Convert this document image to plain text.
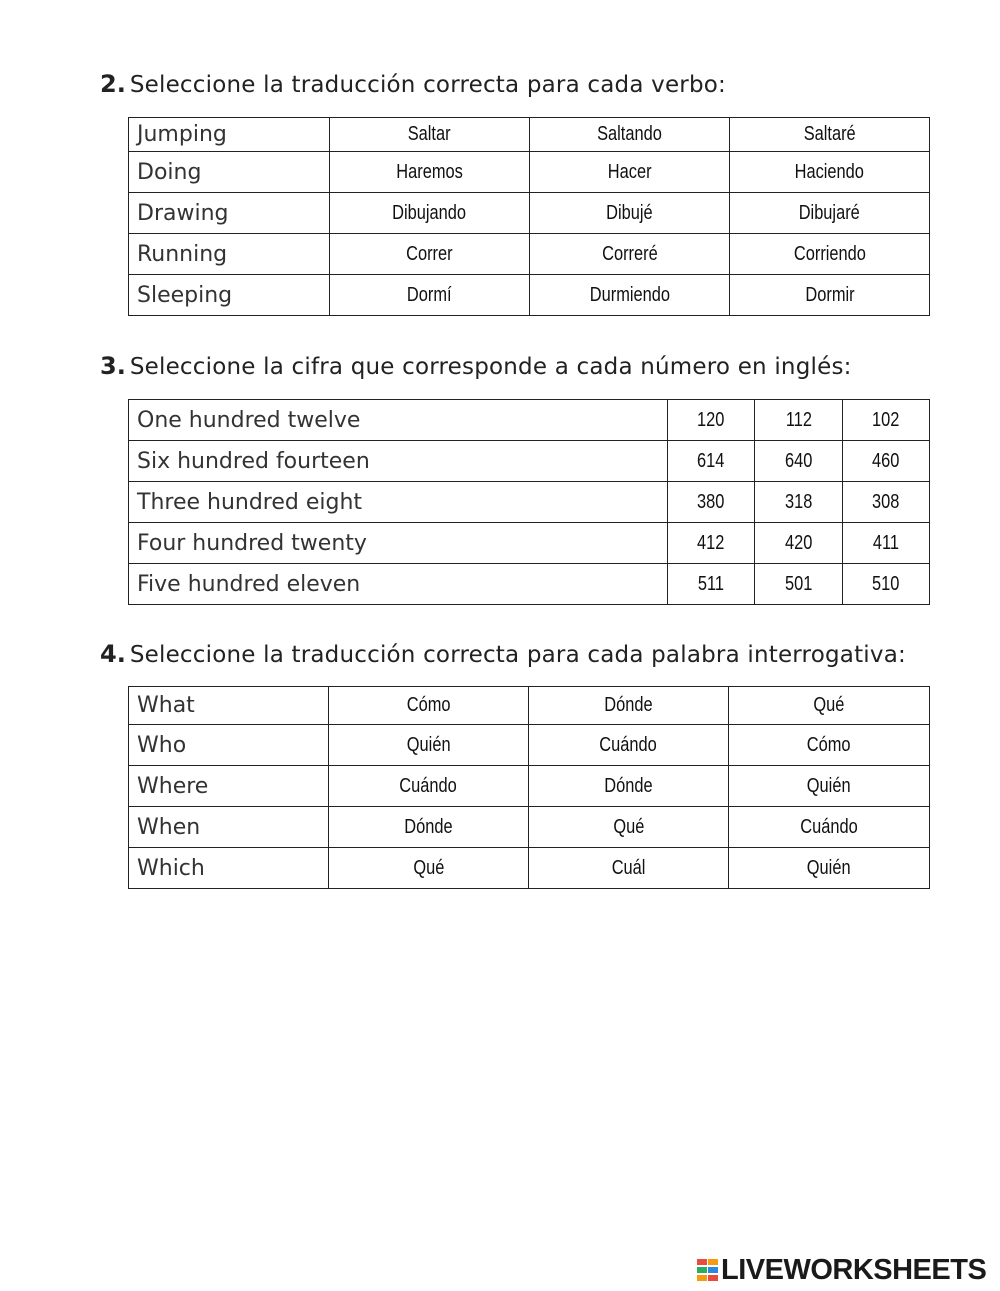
2. Seleccione la traducción correcta para cada verbo:
Jumping	Saltar	Saltando	Saltaré
Doing	Haremos	Hacer	Haciendo
Drawing	Dibujando	Dibujé	Dibujaré
Running	Correr	Correré	Corriendo
Sleeping	Dormí	Durmiendo	Dormir
3. Seleccione la cifra que corresponde a cada número en inglés:
One hundred twelve	120	112	102
Six hundred fourteen	614	640	460
Three hundred eight	380	318	308
Four hundred twenty	412	420	411
Five hundred eleven	511	501	510
4. Seleccione la traducción correcta para cada palabra interrogativa:
What	Cómo	Dónde	Qué
Who	Quién	Cuándo	Cómo
Where	Cuándo	Dónde	Quién
When	Dónde	Qué	Cuándo
Which	Qué	Cuál	Quién
LIVEWORKSHEETS
